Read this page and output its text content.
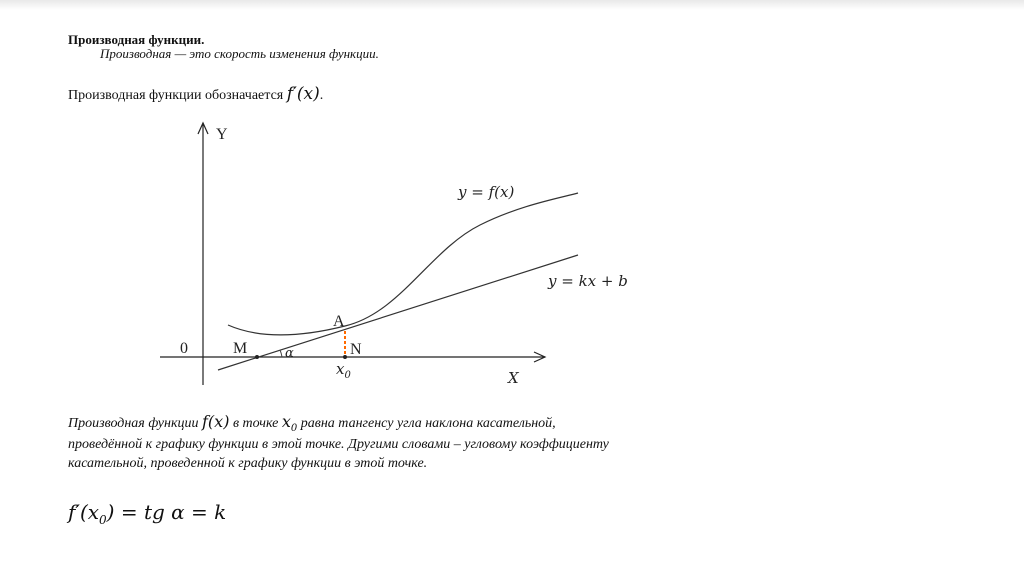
Производная функции.
Производная — это скорость изменения функции.
Производная функции обозначается f′(x).
Y
X
0	M
A
N
α
$x_0$
y = f(x)
y = kx + b
Производная функции f(x) в точке $x_0$ равна тангенсу угла наклона касательной,
проведённой к графику функции в этой точке. Другими словами – угловому коэффициенту
касательной, проведенной к графику функции в этой точке.
$f'(x_0)$ = tg α = k
